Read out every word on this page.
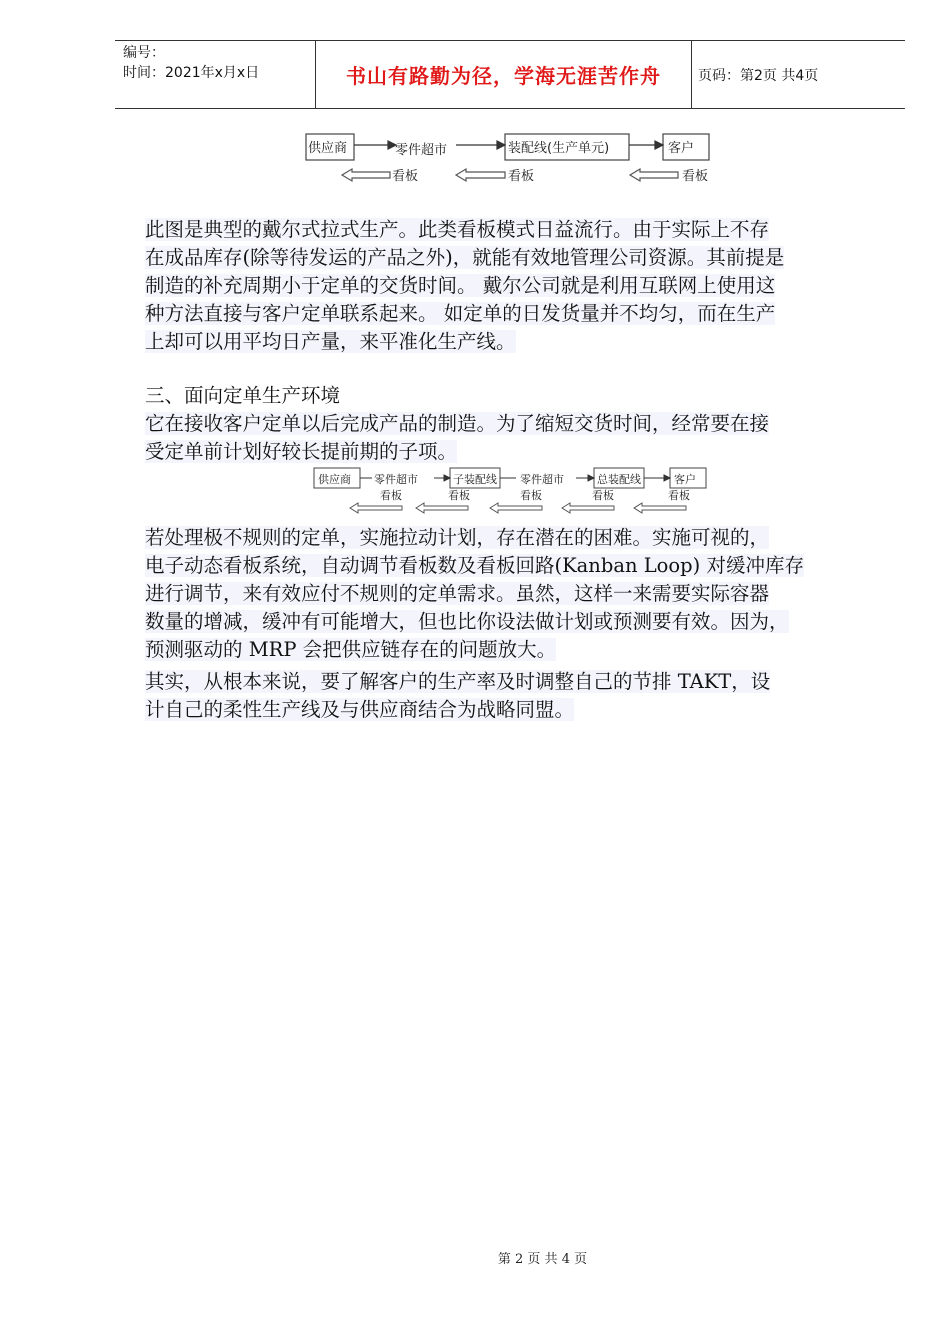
编号：
时间：2021年x月x日	书山有路勤为径，学海无涯苦作舟	页码：第2页 共4页
供应商	零件超市	装配线(生产单元)	客户
看板	看板	看板
此图是典型的戴尔式拉式生产。此类看板模式日益流行。由于实际上不存
在成品库存(除等待发运的产品之外)，就能有效地管理公司资源。其前提是
制造的补充周期小于定单的交货时间。 戴尔公司就是利用互联网上使用这
种方法直接与客户定单联系起来。 如定单的日发货量并不均匀，而在生产
上却可以用平均日产量，来平准化生产线。
三、面向定单生产环境
它在接收客户定单以后完成产品的制造。为了缩短交货时间，经常要在接
受定单前计划好较长提前期的子项。
供应商 零件超市	子装配线 零件超市	总装配线	客户
看板	看板	看板	看板	看板
若处理极不规则的定单，实施拉动计划，存在潜在的困难。实施可视的，
电子动态看板系统，自动调节看板数及看板回路(Kanban Loop) 对缓冲库存
进行调节，来有效应付不规则的定单需求。虽然，这样一来需要实际容器
数量的增减，缓冲有可能增大，但也比你设法做计划或预测要有效。因为，
预测驱动的 MRP 会把供应链存在的问题放大。
其实，从根本来说，要了解客户的生产率及时调整自己的节排 TAKT，设
计自己的柔性生产线及与供应商结合为战略同盟。
第 2 页 共 4 页
